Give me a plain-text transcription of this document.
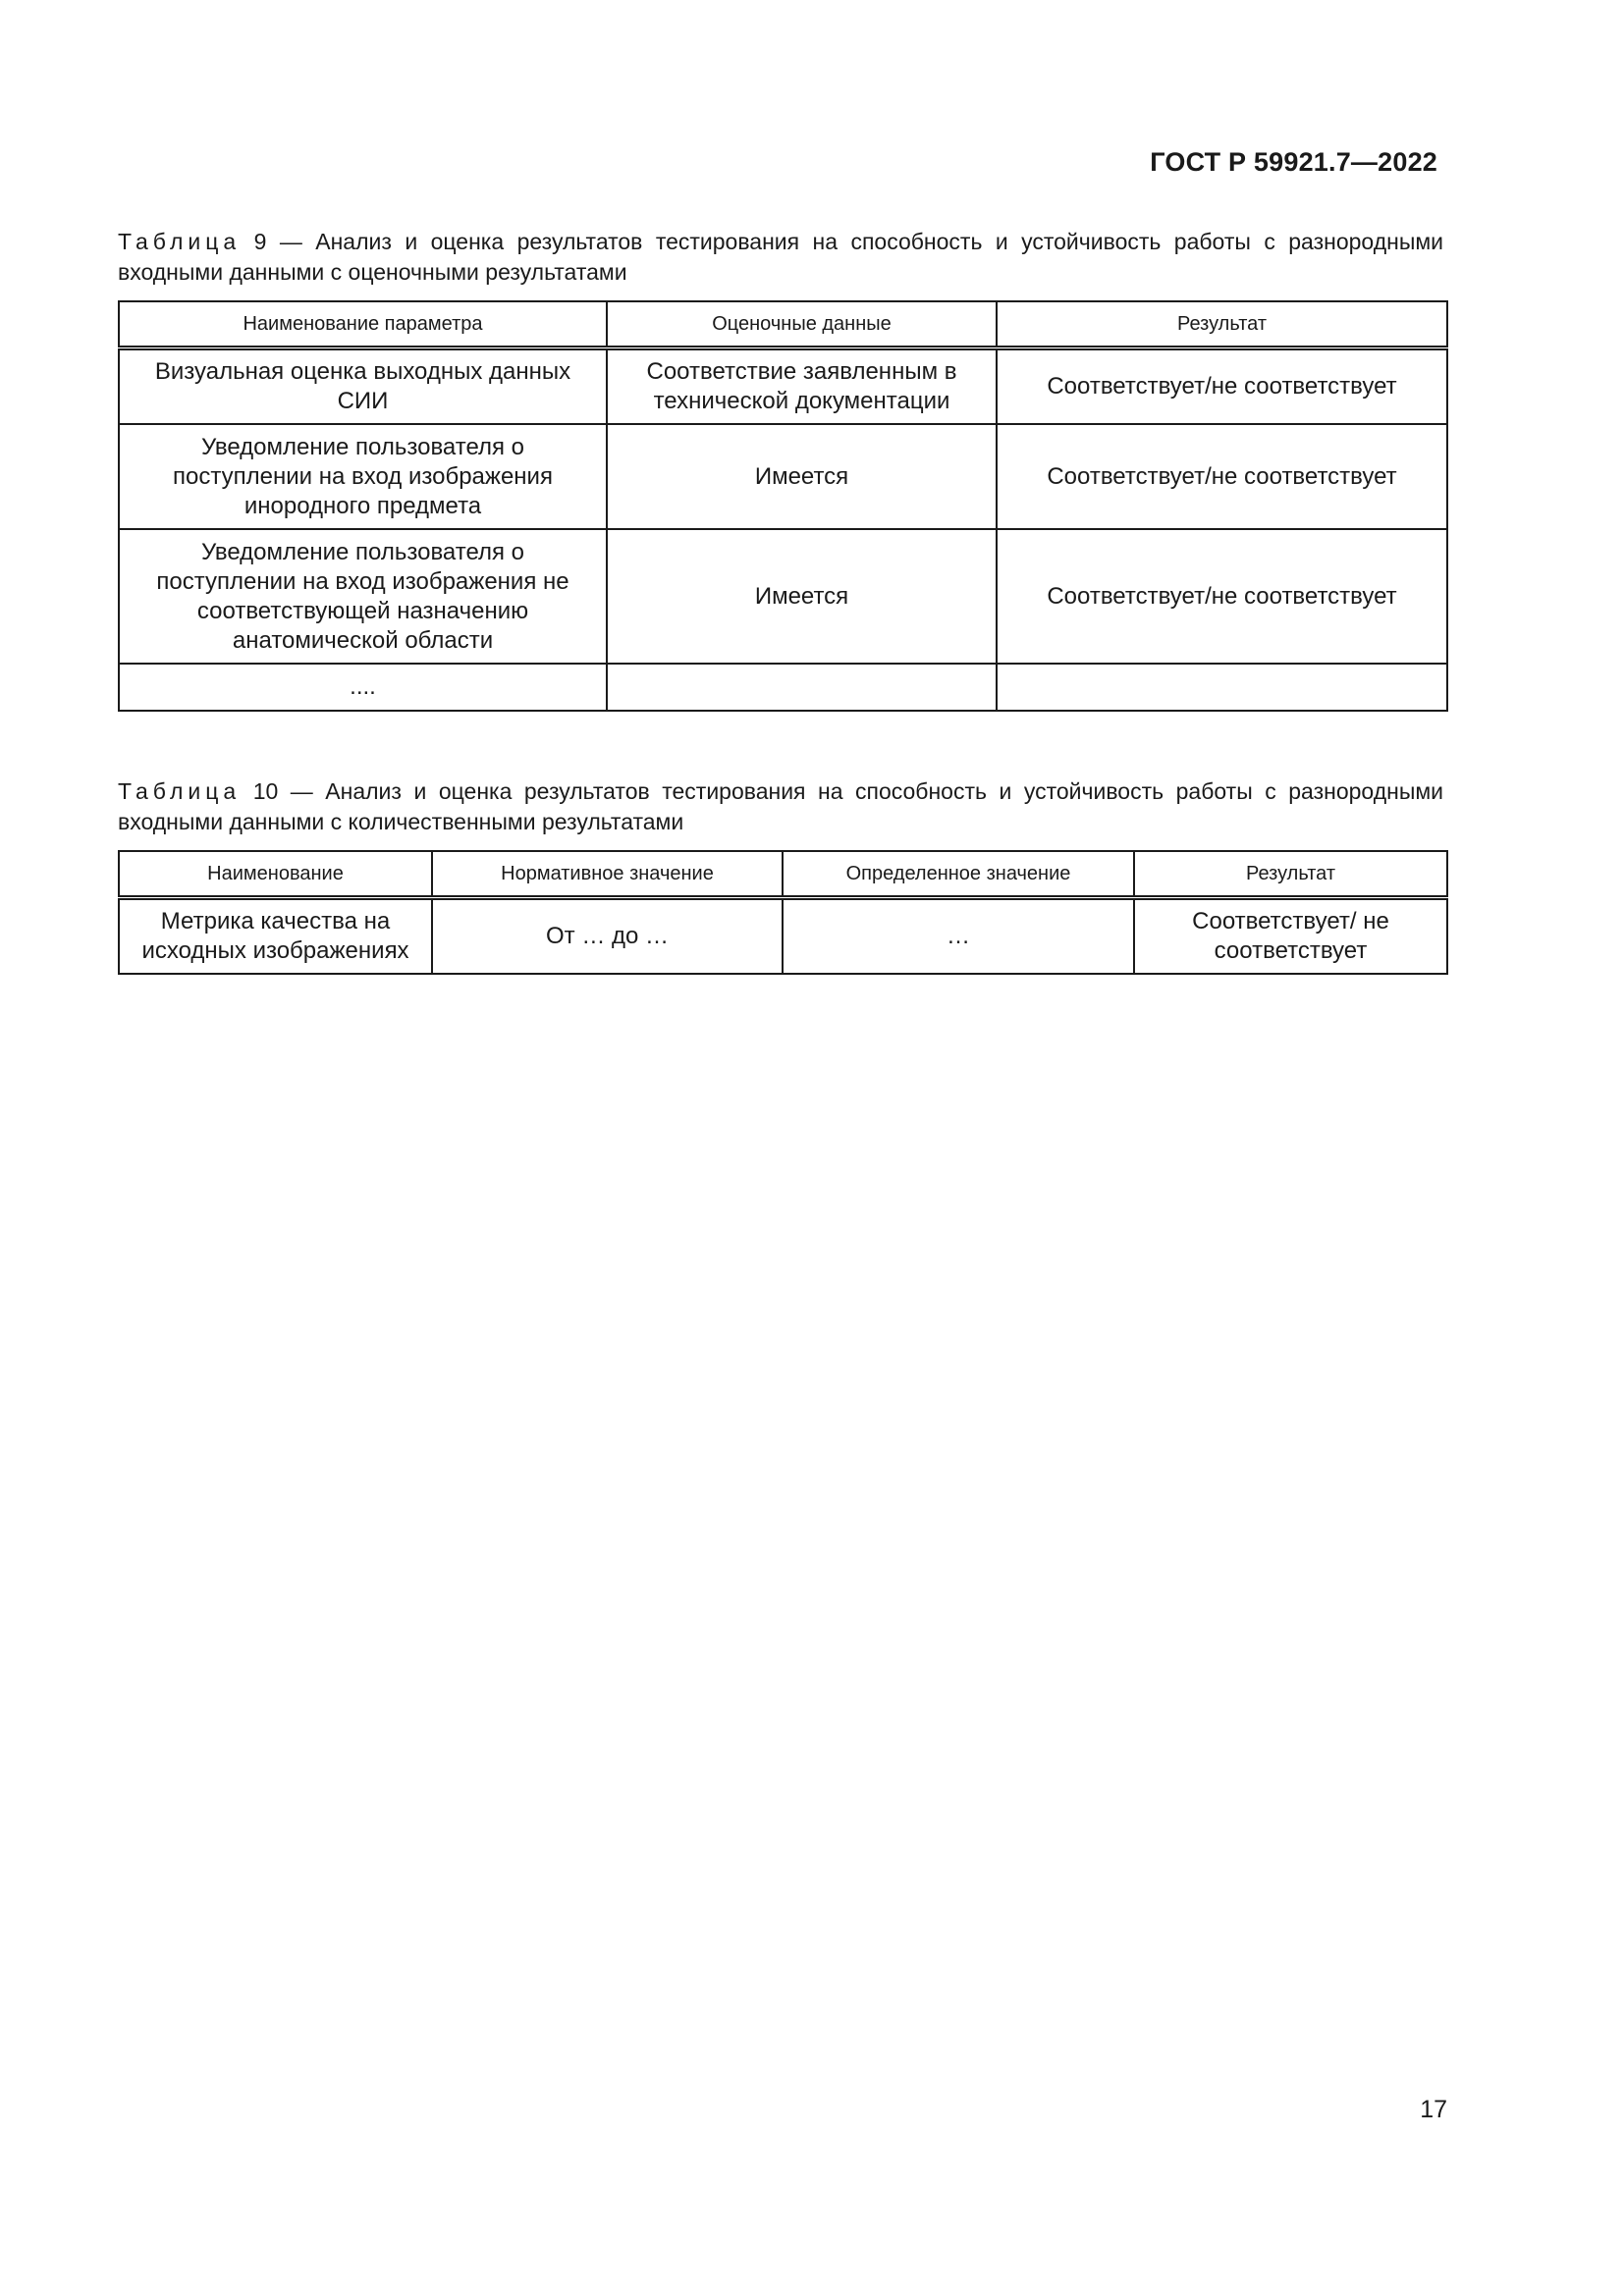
ГОСТ Р 59921.7—2022
Таблица 9 — Анализ и оценка результатов тестирования на способность и устойчивость работы с разнородными входными данными с оценочными результатами
Наименование параметра	Оценочные данные	Результат
Визуальная оценка выходных данных СИИ	Соответствие заявленным в технической документации	Соответствует/не соответствует
Уведомление пользователя о поступлении на вход изображения инородного предмета	Имеется	Соответствует/не соответствует
Уведомление пользователя о поступлении на вход изображения не соответствующей назначению анатомической области	Имеется	Соответствует/не соответствует
....		
Таблица 10 — Анализ и оценка результатов тестирования на способность и устойчивость работы с разнородными входными данными с количественными результатами
Наименование	Нормативное значение	Определенное значение	Результат
Метрика качества на исходных изображениях	От … до …	…	Соответствует/ не соответствует
17
